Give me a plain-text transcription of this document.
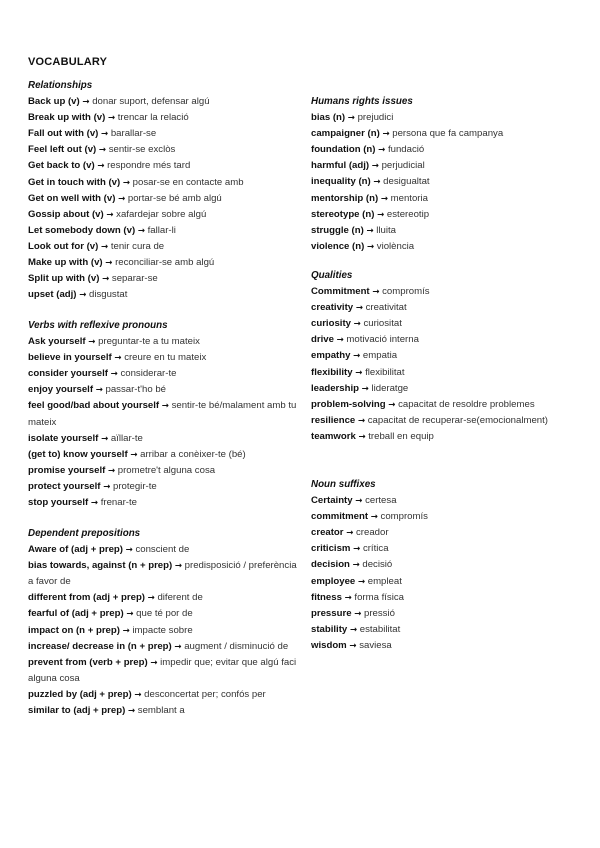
VOCABULARY
Relationships

Back up (v) → donar suport, defensar algú

Break up with (v) → trencar la relació

Fall out with (v) → barallar-se

Feel left out (v) → sentir-se exclòs

Get back to (v) → respondre més tard

Get in touch with (v) → posar-se en contacte amb

Get on well with (v) → portar-se bé amb algú

Gossip about (v) → xafardejar sobre algú

Let somebody down (v) → fallar-li

Look out for (v) → tenir cura de

Make up with (v) → reconciliar-se amb algú

Split up with (v) → separar-se

upset (adj) → disgustat

Verbs with reflexive pronouns

Ask yourself → preguntar-te a tu mateix

believe in yourself → creure en tu mateix

consider yourself → considerar-te

enjoy yourself → passar-t'ho bé

feel good/bad about yourself → sentir-te bé/malament amb tu mateix

isolate yourself → aïllar-te

(get to) know yourself → arribar a conèixer-te (bé)

promise yourself → prometre't alguna cosa

protect yourself → protegir-te

stop yourself → frenar-te

Dependent prepositions

Aware of (adj + prep) → conscient de

bias towards, against (n + prep) → predisposició / preferència a favor de

different from (adj + prep) → diferent de

fearful of (adj + prep) → que té por de

impact on (n + prep) → impacte sobre

increase/ decrease in (n + prep) → augment / disminució de

prevent from (verb + prep) → impedir que; evitar que algú faci alguna cosa

puzzled by (adj + prep) → desconcertat per; confós per

similar to (adj + prep) → semblant a

Humans rights issues

bias (n) → prejudici

campaigner (n) → persona que fa campanya

foundation (n) → fundació

harmful (adj) → perjudicial

inequality (n) → desigualtat

mentorship (n) → mentoria

stereotype (n) → estereotip

struggle (n) → lluita

violence (n) → violència

Qualities

Commitment → compromís

creativity → creativitat

curiosity → curiositat

drive → motivació interna

empathy → empatia

flexibility → flexibilitat

leadership → lideratge

problem-solving → capacitat de resoldre problemes

resilience → capacitat de recuperar-se(emocionalment)

teamwork → treball en equip

Noun suffixes

Certainty → certesa

commitment → compromís

creator → creador

criticism → crítica

decision → decisió

employee → empleat

fitness → forma física

pressure → pressió

stability → estabilitat

wisdom → saviesa
